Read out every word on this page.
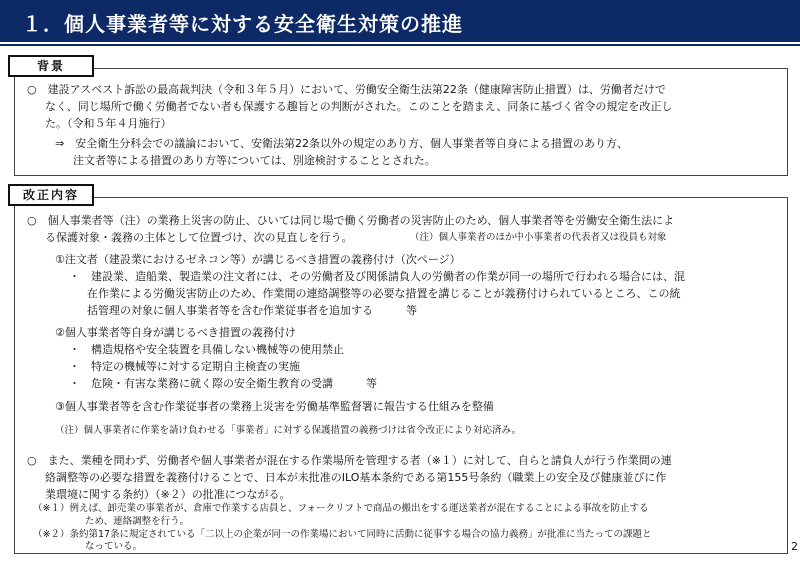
１．個人事業者等に対する安全衛生対策の推進
背景
○　建設アスベスト訴訟の最高裁判決（令和３年５月）において、労働安全衛生法第22条（健康障害防止措置）は、労働者だけで
なく、同じ場所で働く労働者でない者も保護する趣旨との判断がされた。このことを踏まえ、同条に基づく省令の規定を改正し
た。（令和５年４月施行）
⇒　安全衛生分科会での議論において、安衛法第22条以外の規定のあり方、個人事業者等自身による措置のあり方、
注文者等による措置のあり方等については、別途検討することとされた。
改正内容
○　個人事業者等（注）の業務上災害の防止、ひいては同じ場で働く労働者の災害防止のため、個人事業者等を労働安全衛生法によ
る保護対象・義務の主体として位置づけ、次の見直しを行う。	（注）個人事業者のほか中小事業者の代表者又は役員も対象
①注文者（建設業におけるゼネコン等）が講じるべき措置の義務付け（次ページ）
・　建設業、造船業、製造業の注文者には、その労働者及び関係請負人の労働者の作業が同一の場所で行われる場合には、混
在作業による労働災害防止のため、作業間の連絡調整等の必要な措置を講じることが義務付けられているところ、この統
括管理の対象に個人事業者等を含む作業従事者を追加する　　　等
②個人事業者等自身が講じるべき措置の義務付け
・　構造規格や安全装置を具備しない機械等の使用禁止
・　特定の機械等に対する定期自主検査の実施
・　危険・有害な業務に就く際の安全衛生教育の受講　　　等
③個人事業者等を含む作業従事者の業務上災害を労働基準監督署に報告する仕組みを整備
（注）個人事業者に作業を請け負わせる「事業者」に対する保護措置の義務づけは省令改正により対応済み。
○　また、業種を問わず、労働者や個人事業者が混在する作業場所を管理する者（※１）に対して、自らと請負人が行う作業間の連
絡調整等の必要な措置を義務付けることで、日本が未批准のILO基本条約である第155号条約（職業上の安全及び健康並びに作
業環境に関する条約）（※２）の批准につながる。
（※１）例えば、卸売業の事業者が、倉庫で作業する店員と、フォークリフトで商品の搬出をする運送業者が混在することによる事故を防止する
ため、連絡調整を行う。
（※２）条約第17条に規定されている「二以上の企業が同一の作業場において同時に活動に従事する場合の協力義務」が批准に当たっての課題と
なっている。	2
